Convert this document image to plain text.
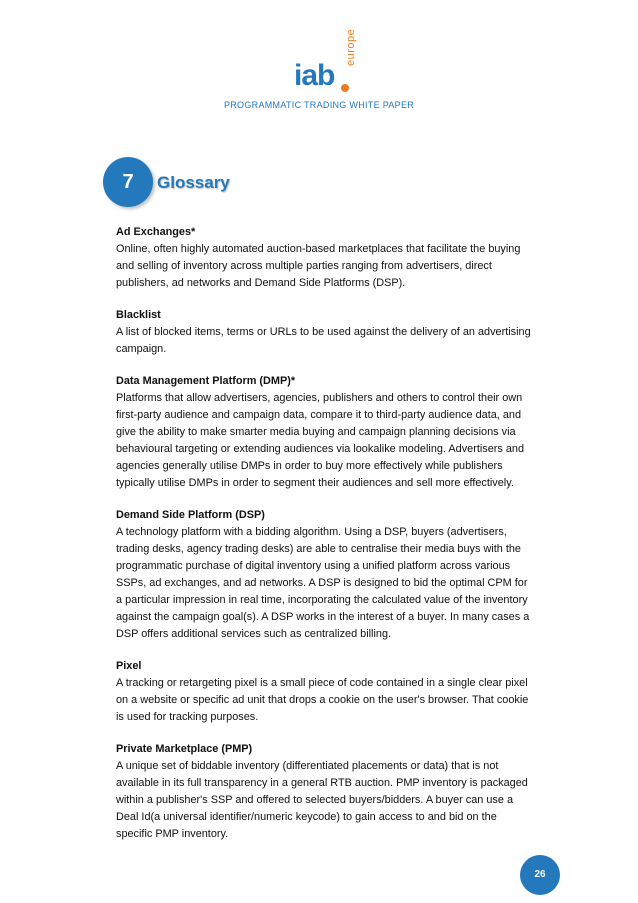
iab
europe
PROGRAMMATIC TRADING WHITE PAPER
7	Glossary

Ad Exchanges*

Online, often highly automated auction-based marketplaces that facilitate the buying and selling of inventory across multiple parties ranging from advertisers, direct publishers, ad networks and Demand Side Platforms (DSP).

Blacklist

A list of blocked items, terms or URLs to be used against the delivery of an advertising campaign.

Data Management Platform (DMP)*

Platforms that allow advertisers, agencies, publishers and others to control their own first-party audience and campaign data, compare it to third-party audience data, and give the ability to make smarter media buying and campaign planning decisions via behavioural targeting or extending audiences via lookalike modeling. Advertisers and agencies generally utilise DMPs in order to buy more effectively while publishers typically utilise DMPs in order to segment their audiences and sell more effectively.

Demand Side Platform (DSP)

A technology platform with a bidding algorithm. Using a DSP, buyers (advertisers, trading desks, agency trading desks) are able to centralise their media buys with the programmatic purchase of digital inventory using a unified platform across various SSPs, ad exchanges, and ad networks. A DSP is designed to bid the optimal CPM for a particular impression in real time, incorporating the calculated value of the inventory against the campaign goal(s). A DSP works in the interest of a buyer. In many cases a DSP offers additional services such as centralized billing.

Pixel

A tracking or retargeting pixel is a small piece of code contained in a single clear pixel on a website or specific ad unit that drops a cookie on the user's browser. That cookie is used for tracking purposes.

Private Marketplace (PMP)

A unique set of biddable inventory (differentiated placements or data) that is not available in its full transparency in a general RTB auction. PMP inventory is packaged within a publisher's SSP and offered to selected buyers/bidders. A buyer can use a Deal Id(a universal identifier/numeric keycode) to gain access to and bid on the specific PMP inventory.

26
